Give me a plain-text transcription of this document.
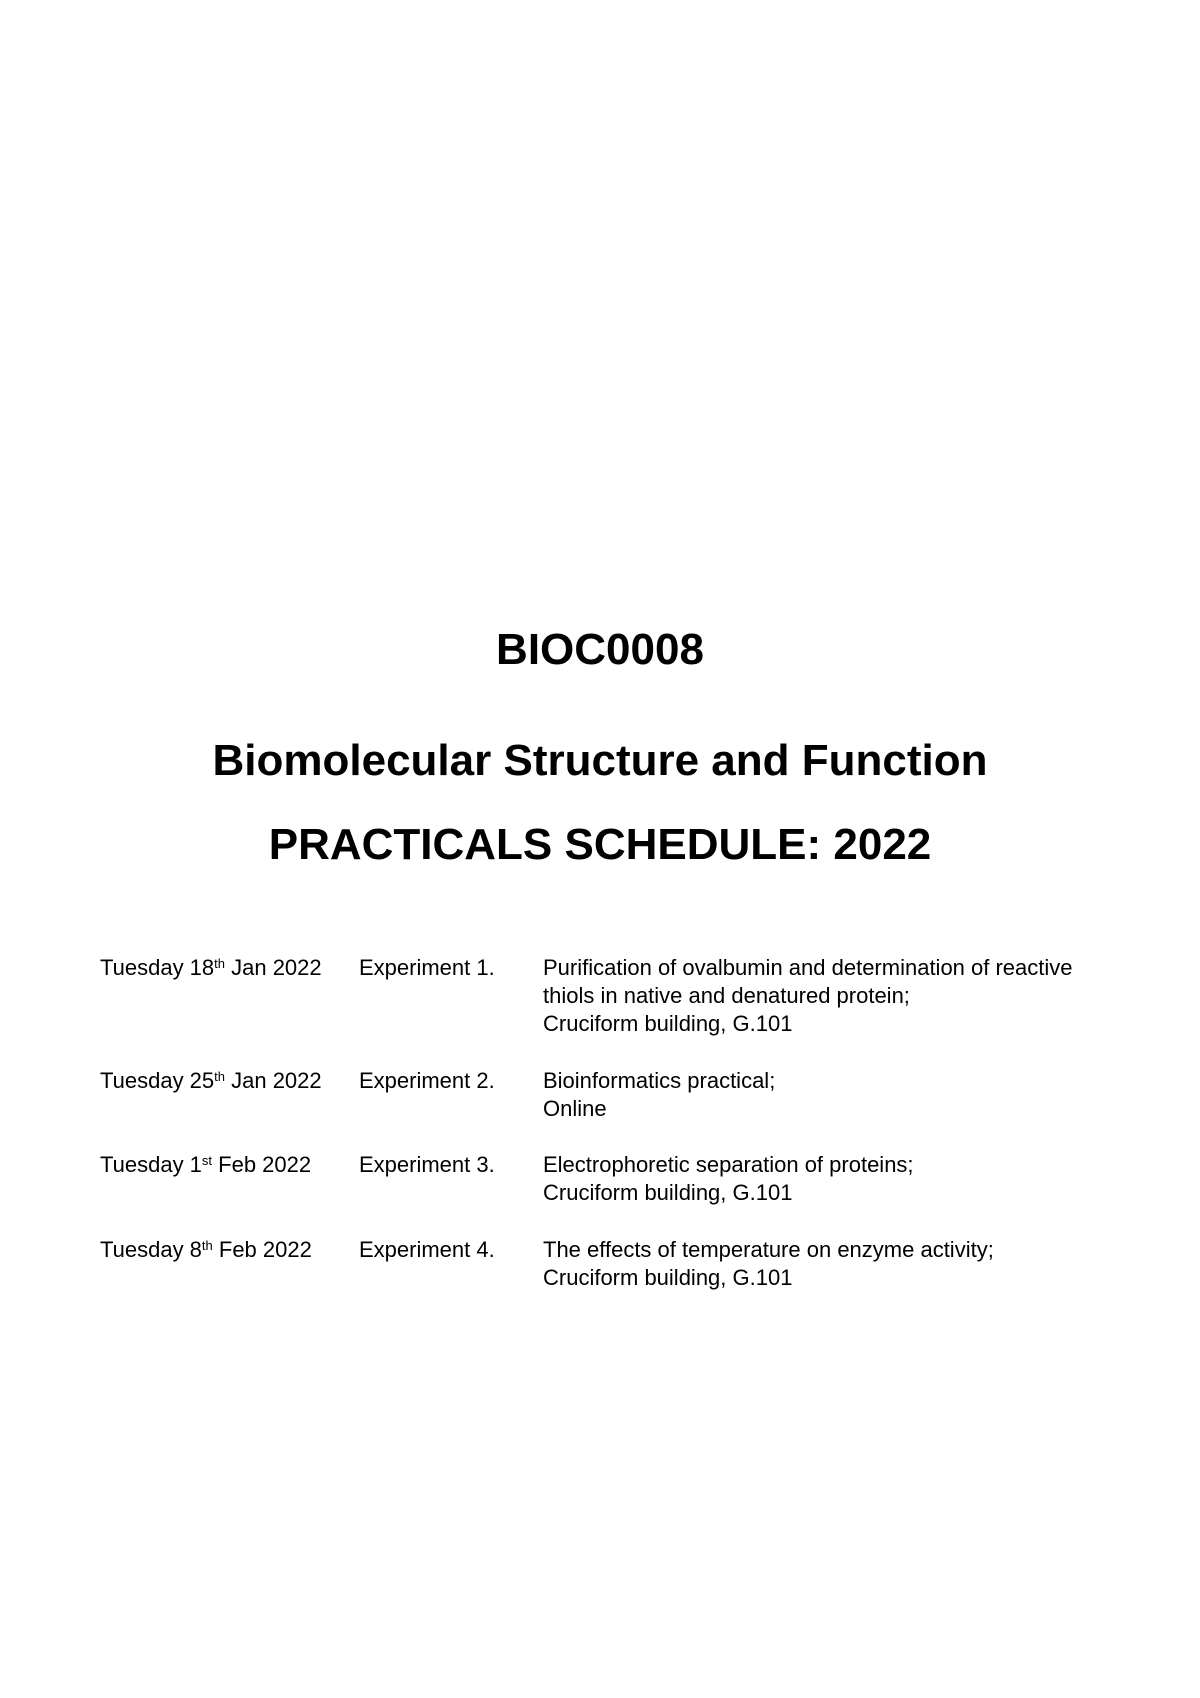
BIOC0008
Biomolecular Structure and Function
PRACTICALS SCHEDULE: 2022
Tuesday 18th Jan 2022 Experiment 1. Purification of ovalbumin and determination of reactive
thiols in native and denatured protein;
Cruciform building, G.101
Tuesday 25th Jan 2022 Experiment 2. Bioinformatics practical;
Online
Tuesday 1st Feb 2022 Experiment 3. Electrophoretic separation of proteins;
Cruciform building, G.101
Tuesday 8th Feb 2022 Experiment 4. The effects of temperature on enzyme activity;
Cruciform building, G.101
